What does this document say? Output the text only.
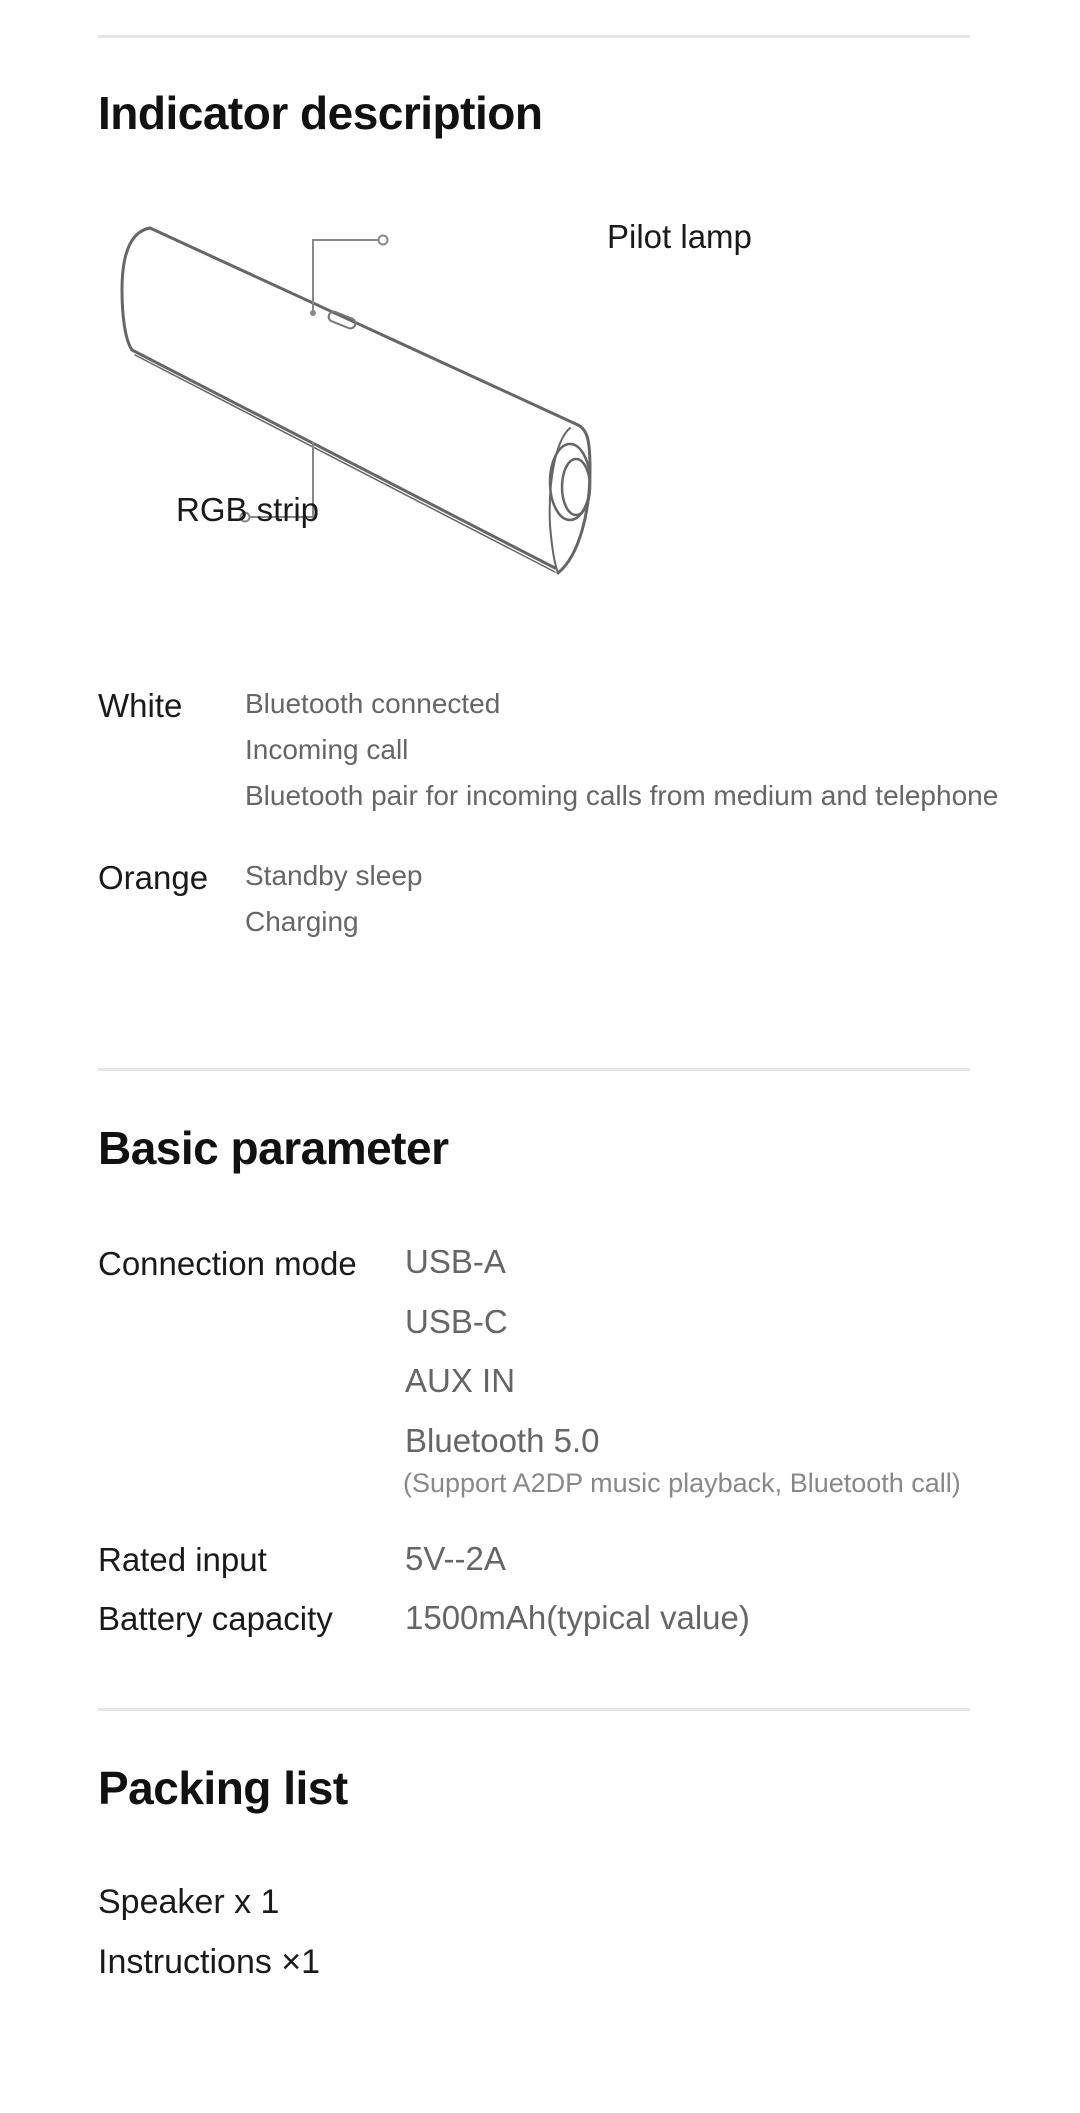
Indicator description
Pilot lamp
RGB strip
White Bluetooth connected
Incoming call
Bluetooth pair for incoming calls from medium and telephone
Orange Standby sleep
Charging
Basic parameter
Connection mode USB-A
USB-C
AUX IN
Bluetooth 5.0
(Support A2DP music playback, Bluetooth call)
Rated input	5V--2A
Battery capacity 1500mAh(typical value)
Packing list
Speaker x 1
Instructions ×1
